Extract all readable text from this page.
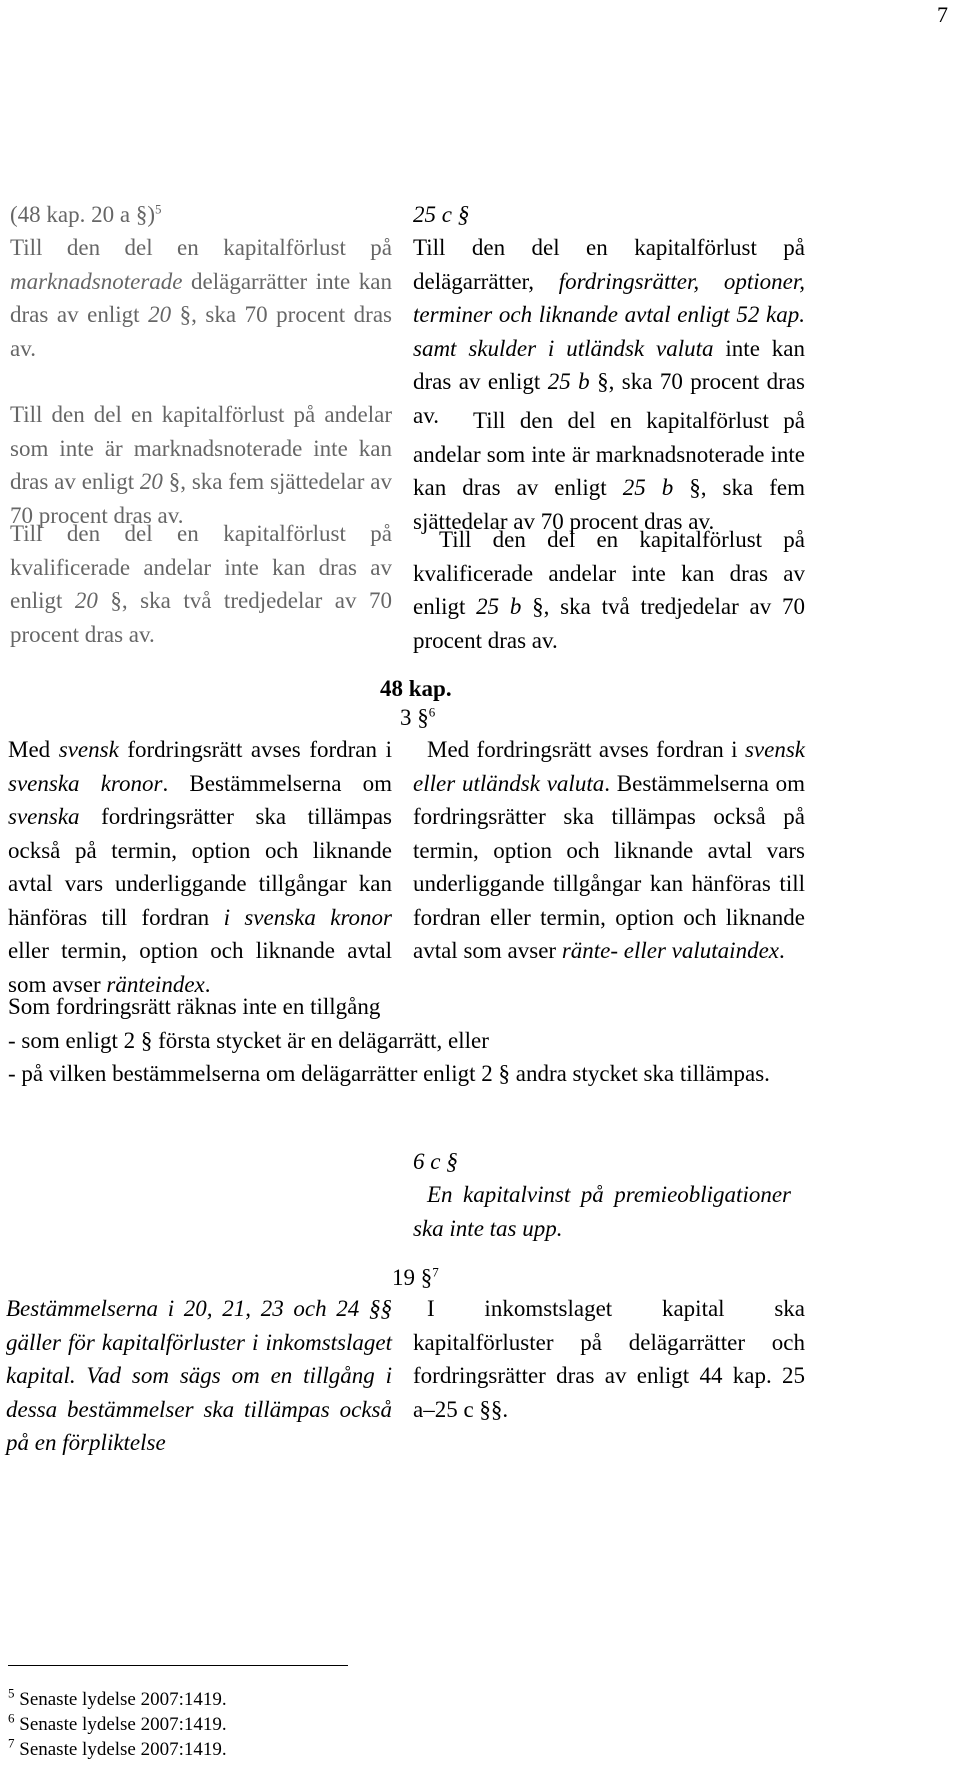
7
(48 kap. 20 a §)$^5$
Till den del en kapitalförlust på marknadsnoterade delägarrätter inte kan dras av enligt 20 §, ska 70 procent dras av.
Till den del en kapitalförlust på andelar som inte är marknadsnoterade inte kan dras av enligt 20 §, ska fem sjättedelar av 70 procent dras av.
Till den del en kapitalförlust på kvalificerade andelar inte kan dras av enligt 20 §, ska två tredjedelar av 70 procent dras av.
25 c §
Till den del en kapitalförlust på delägarrätter, fordringsrätter, optioner, terminer och liknande avtal enligt 52 kap. samt skulder i utländsk valuta inte kan dras av enligt 25 b §, ska 70 procent dras av.	Till den del en kapitalförlust på andelar som inte är marknadsnoterade inte kan dras av enligt 25 b §, ska fem sjättedelar av 70 procent dras av.
Till den del en kapitalförlust på kvalificerade andelar inte kan dras av enligt 25 b §, ska två tredjedelar av 70 procent dras av.
48 kap.
3 §$^6$
Med svensk fordringsrätt avses fordran i svenska kronor. Bestämmelserna om svenska fordringsrätter ska tillämpas också på termin, option och liknande avtal vars underliggande tillgångar kan hänföras till fordran i svenska kronor eller termin, option och liknande avtal som avser ränteindex.
Med fordringsrätt avses fordran i svensk eller utländsk valuta. Bestämmelserna om fordringsrätter ska tillämpas också på termin, option och liknande avtal vars underliggande tillgångar kan hänföras till fordran eller termin, option och liknande avtal som avser ränte- eller valutaindex.
Som fordringsrätt räknas inte en tillgång
- som enligt 2 § första stycket är en delägarrätt, eller
- på vilken bestämmelserna om delägarrätter enligt 2 § andra stycket ska tillämpas.
6 c §
En kapitalvinst på premieobligationer ska inte tas upp.
19 §$^7$
Bestämmelserna i 20, 21, 23 och 24 §§ gäller för kapitalförluster i inkomstslaget kapital. Vad som sägs om en tillgång i dessa bestämmelser ska tillämpas också på en förpliktelse
I inkomstslaget kapital ska kapitalförluster på delägarrätter och fordringsrätter dras av enligt 44 kap. 25 a–25 c §§.
$^5$ Senaste lydelse 2007:1419.
$^6$ Senaste lydelse 2007:1419.
$^7$ Senaste lydelse 2007:1419.
